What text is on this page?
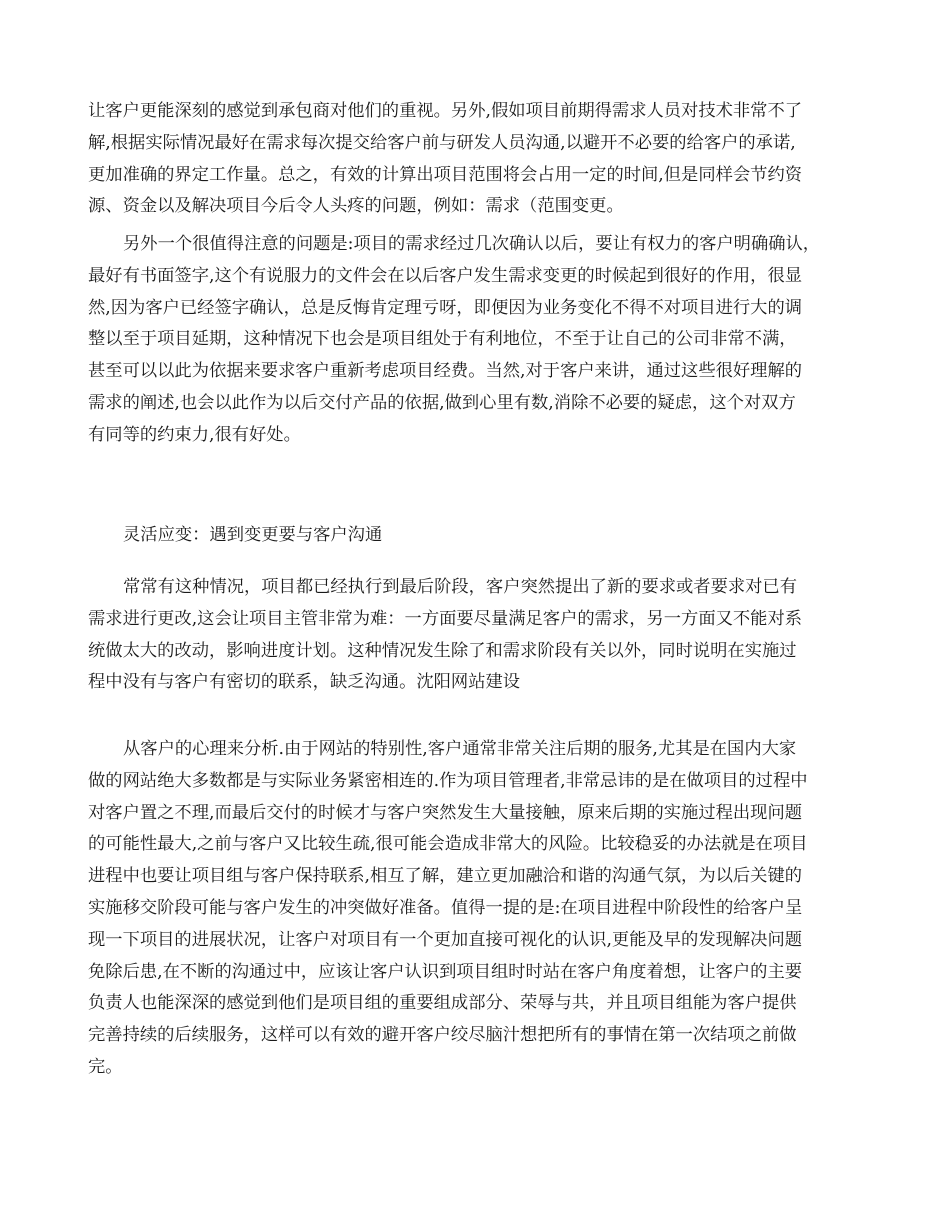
让客户更能深刻的感觉到承包商对他们的重视。另外,假如项目前期得需求人员对技术非常不了
解,根据实际情况最好在需求每次提交给客户前与研发人员沟通,以避开不必要的给客户的承诺,
更加准确的界定工作量。总之，有效的计算出项目范围将会占用一定的时间,但是同样会节约资
源、资金以及解决项目今后令人头疼的问题，例如：需求（范围变更。
另外一个很值得注意的问题是:项目的需求经过几次确认以后，要让有权力的客户明确确认，
最好有书面签字,这个有说服力的文件会在以后客户发生需求变更的时候起到很好的作用，很显
然,因为客户已经签字确认，总是反悔肯定理亏呀，即便因为业务变化不得不对项目进行大的调
整以至于项目延期，这种情况下也会是项目组处于有利地位，不至于让自己的公司非常不满，
甚至可以以此为依据来要求客户重新考虑项目经费。当然,对于客户来讲，通过这些很好理解的
需求的阐述,也会以此作为以后交付产品的依据,做到心里有数,消除不必要的疑虑，这个对双方
有同等的约束力,很有好处。
灵活应变：遇到变更要与客户沟通
常常有这种情况，项目都已经执行到最后阶段，客户突然提出了新的要求或者要求对已有
需求进行更改,这会让项目主管非常为难：一方面要尽量满足客户的需求，另一方面又不能对系
统做太大的改动，影响进度计划。这种情况发生除了和需求阶段有关以外，同时说明在实施过
程中没有与客户有密切的联系，缺乏沟通。沈阳网站建设
从客户的心理来分析.由于网站的特别性,客户通常非常关注后期的服务,尤其是在国内大家
做的网站绝大多数都是与实际业务紧密相连的.作为项目管理者,非常忌讳的是在做项目的过程中
对客户置之不理,而最后交付的时候才与客户突然发生大量接触，原来后期的实施过程出现问题
的可能性最大,之前与客户又比较生疏,很可能会造成非常大的风险。比较稳妥的办法就是在项目
进程中也要让项目组与客户保持联系,相互了解，建立更加融洽和谐的沟通气氛，为以后关键的
实施移交阶段可能与客户发生的冲突做好准备。值得一提的是:在项目进程中阶段性的给客户呈
现一下项目的进展状况，让客户对项目有一个更加直接可视化的认识,更能及早的发现解决问题
免除后患,在不断的沟通过中，应该让客户认识到项目组时时站在客户角度着想，让客户的主要
负责人也能深深的感觉到他们是项目组的重要组成部分、荣辱与共，并且项目组能为客户提供
完善持续的后续服务，这样可以有效的避开客户绞尽脑汁想把所有的事情在第一次结项之前做
完。
